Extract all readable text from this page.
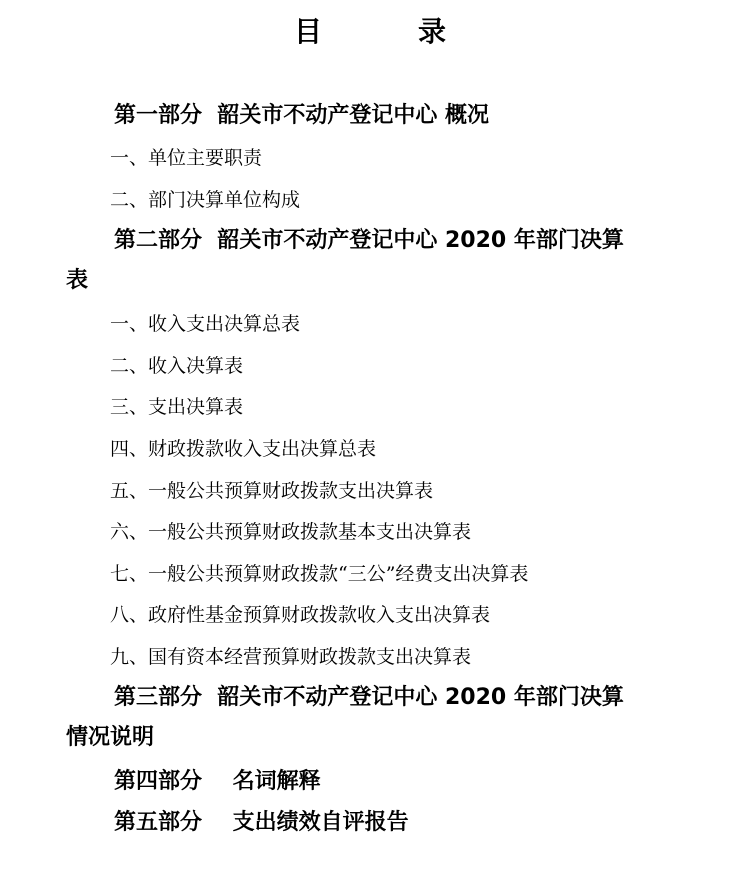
目	录
第一部分 韶关市不动产登记中心 概况
一、单位主要职责
二、部门决算单位构成
第二部分 韶关市不动产登记中心 2020 年部门决算
表
一、收入支出决算总表
二、收入决算表
三、支出决算表
四、财政拨款收入支出决算总表
五、一般公共预算财政拨款支出决算表
六、一般公共预算财政拨款基本支出决算表
七、一般公共预算财政拨款“三公”经费支出决算表
八、政府性基金预算财政拨款收入支出决算表
九、国有资本经营预算财政拨款支出决算表
第三部分 韶关市不动产登记中心 2020 年部门决算
情况说明
第四部分 名词解释
第五部分 支出绩效自评报告
